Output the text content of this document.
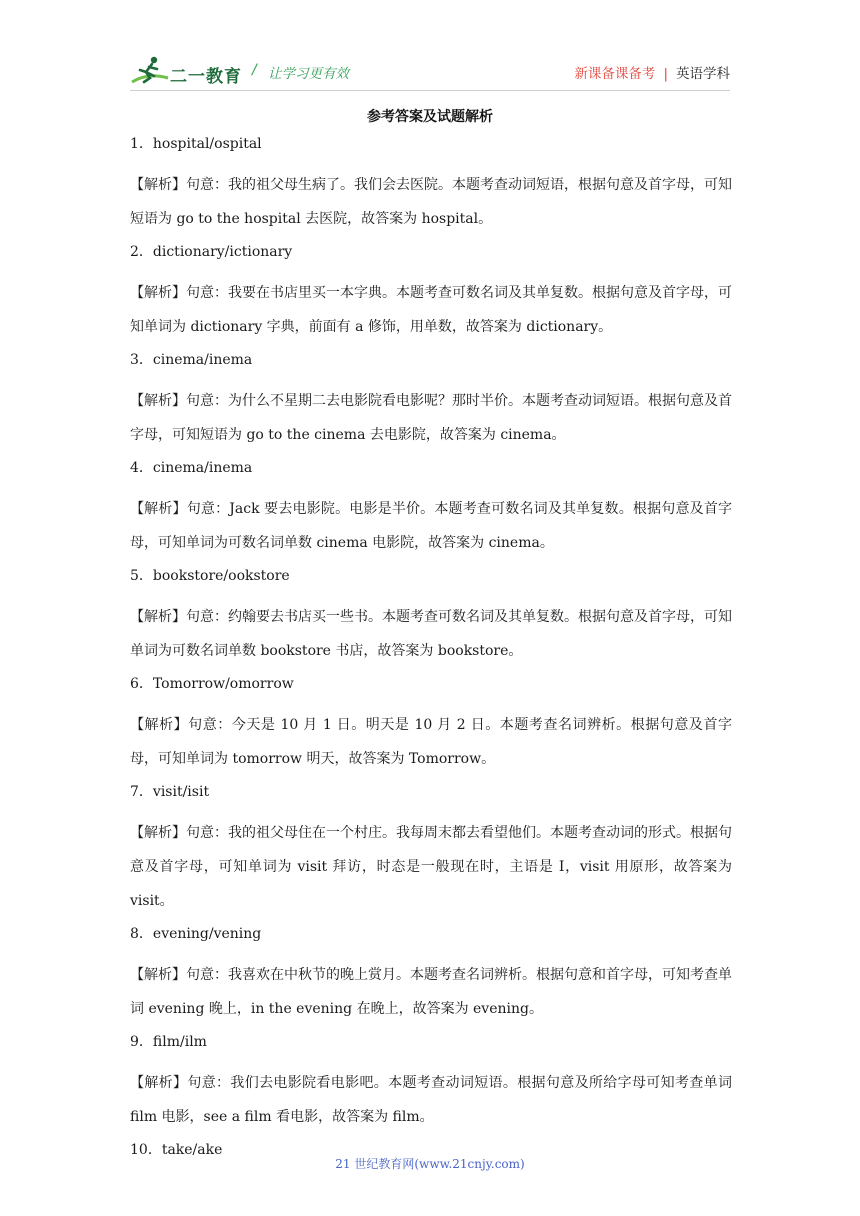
二一教育 / 让学习更有效	新课备课备考 | 英语学科
参考答案及试题解析
1．hospital/ospital
【解析】句意：我的祖父母生病了。我们会去医院。本题考查动词短语，根据句意及首字母，可知短语为 go to the hospital 去医院，故答案为 hospital。
2．dictionary/ictionary
【解析】句意：我要在书店里买一本字典。本题考查可数名词及其单复数。根据句意及首字母，可知单词为 dictionary 字典，前面有 a 修饰，用单数，故答案为 dictionary。
3．cinema/inema
【解析】句意：为什么不星期二去电影院看电影呢？那时半价。本题考查动词短语。根据句意及首字母，可知短语为 go to the cinema 去电影院，故答案为 cinema。
4．cinema/inema
【解析】句意：Jack 要去电影院。电影是半价。本题考查可数名词及其单复数。根据句意及首字母，可知单词为可数名词单数 cinema 电影院，故答案为 cinema。
5．bookstore/ookstore
【解析】句意：约翰要去书店买一些书。本题考查可数名词及其单复数。根据句意及首字母，可知单词为可数名词单数 bookstore 书店，故答案为 bookstore。
6．Tomorrow/omorrow
【解析】句意：今天是 10 月 1 日。明天是 10 月 2 日。本题考查名词辨析。根据句意及首字母，可知单词为 tomorrow 明天，故答案为 Tomorrow。
7．visit/isit
【解析】句意：我的祖父母住在一个村庄。我每周末都去看望他们。本题考查动词的形式。根据句意及首字母，可知单词为 visit 拜访，时态是一般现在时，主语是 I，visit 用原形，故答案为 visit。
8．evening/vening
【解析】句意：我喜欢在中秋节的晚上赏月。本题考查名词辨析。根据句意和首字母，可知考查单词 evening 晚上，in the evening 在晚上，故答案为 evening。
9．film/ilm
【解析】句意：我们去电影院看电影吧。本题考查动词短语。根据句意及所给字母可知考查单词 film 电影，see a film 看电影，故答案为 film。
10．take/ake
21 世纪教育网(www.21cnjy.com)
